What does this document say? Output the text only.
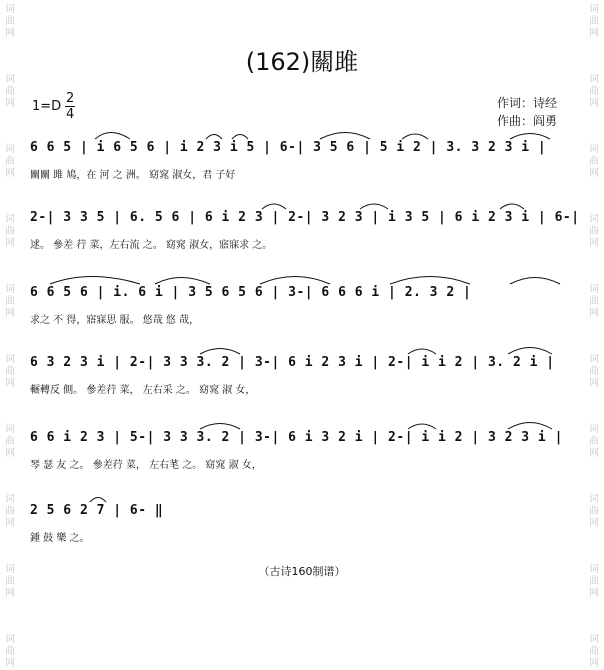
词
曲
网
词
曲
网
词
曲
网
词
曲
网
词
曲
网
词
曲
网
词
曲
网
词
曲
网
词
曲
网
词
曲
网
词
曲
网
词
曲
网
词
曲
网
词
曲
网
词
曲
网
词
曲
网
词
曲
网
词
曲
网
词
曲
网
词
曲
网
(162)關雎
1=D
2
4
作词：诗经
作曲：阎勇
6 6 5 | i 6 5 6 | i 2 3 i 5 | 6-| 3 5 6 | 5 i 2 | 3. 3 2 3 i |
關關 雎 鳩，在 河 之 洲。 窈窕 淑女，君 子好
2-| 3 3 5 | 6. 5 6 | 6 i 2 3 | 2-| 3 2 3 | i 3 5 | 6 i 2 3 i | 6-|
逑。 參差 荇 菜，左右流 之。 窈窕 淑女，寤寐求 之。
6 6 5 6 | i. 6 i | 3 5 6 5 6 | 3-| 6 6 6 i | 2. 3 2 |
求之 不 得，寤寐思 服。 悠哉 悠 哉，
6 3 2 3 i | 2-| 3 3 3. 2 | 3-| 6 i 2 3 i | 2-| i i 2 | 3. 2 i |
輾轉反 側。 參差荇 菜， 左右采 之。 窈窕 淑 女，
6 6 i 2 3 | 5-| 3 3 3. 2 | 3-| 6 i 3 2 i | 2-| i i 2 | 3 2 3 i |
琴 瑟 友 之。 參差荇 菜， 左右芼 之。 窈窕 淑 女，
2 5 6 2 7 | 6- ‖
鍾 鼓 樂 之。
（古诗160制谱）
